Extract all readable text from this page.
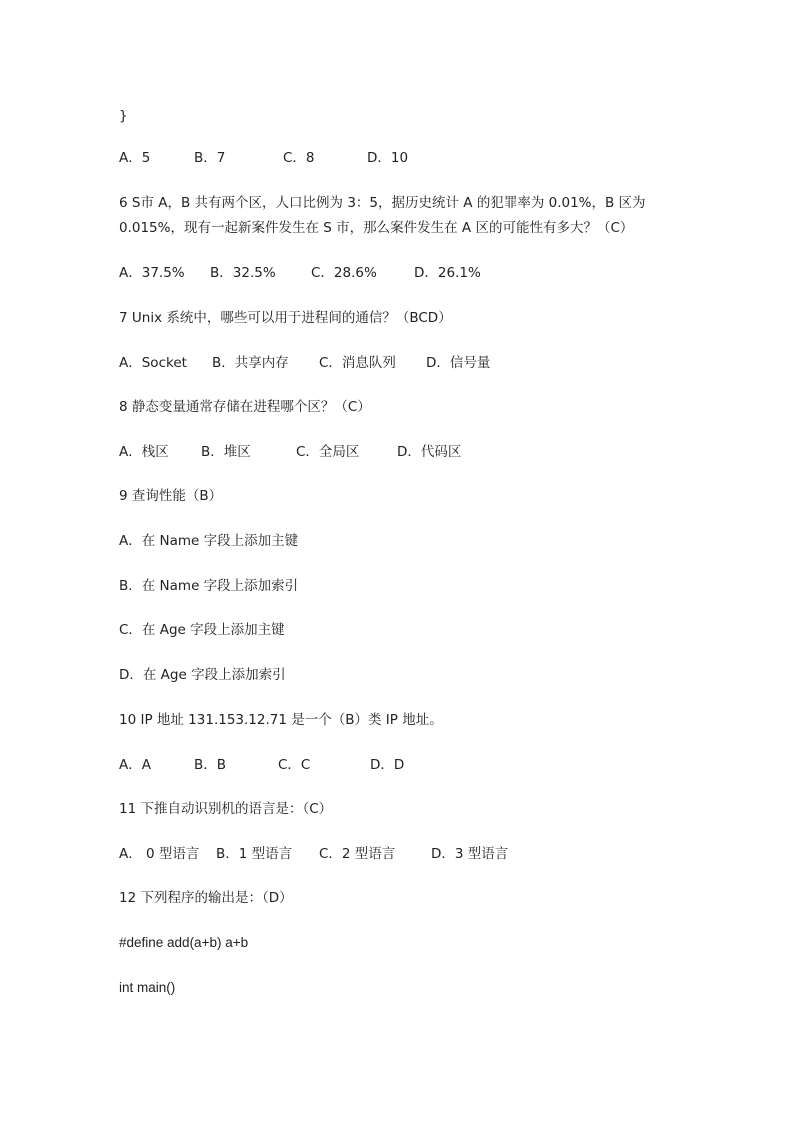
}
A．5	B．7	C．8	D．10
6 S市 A，B 共有两个区，人口比例为 3：5，据历史统计 A 的犯罪率为 0.01%，B 区为
0.015%，现有一起新案件发生在 S 市，那么案件发生在 A 区的可能性有多大？（C）
A．37.5% B．32.5%	C．28.6%	D．26.1%
7 Unix 系统中，哪些可以用于进程间的通信？（BCD）
A．Socket B．共享内存 C．消息队列 D．信号量
8 静态变量通常存储在进程哪个区？（C）
A．栈区 B．堆区	C．全局区	D．代码区
9 查询性能（B）
A．在 Name 字段上添加主键
B．在 Name 字段上添加索引
C．在 Age 字段上添加主键
D．在 Age 字段上添加索引
10 IP 地址 131.153.12.71 是一个（B）类 IP 地址。
A．A	B．B	C．C	D．D
11 下推自动识别机的语言是：（C）
A． 0 型语言 B．1 型语言 C．2 型语言	D．3 型语言
12 下列程序的输出是：（D）
#define add(a+b) a+b
int main()
